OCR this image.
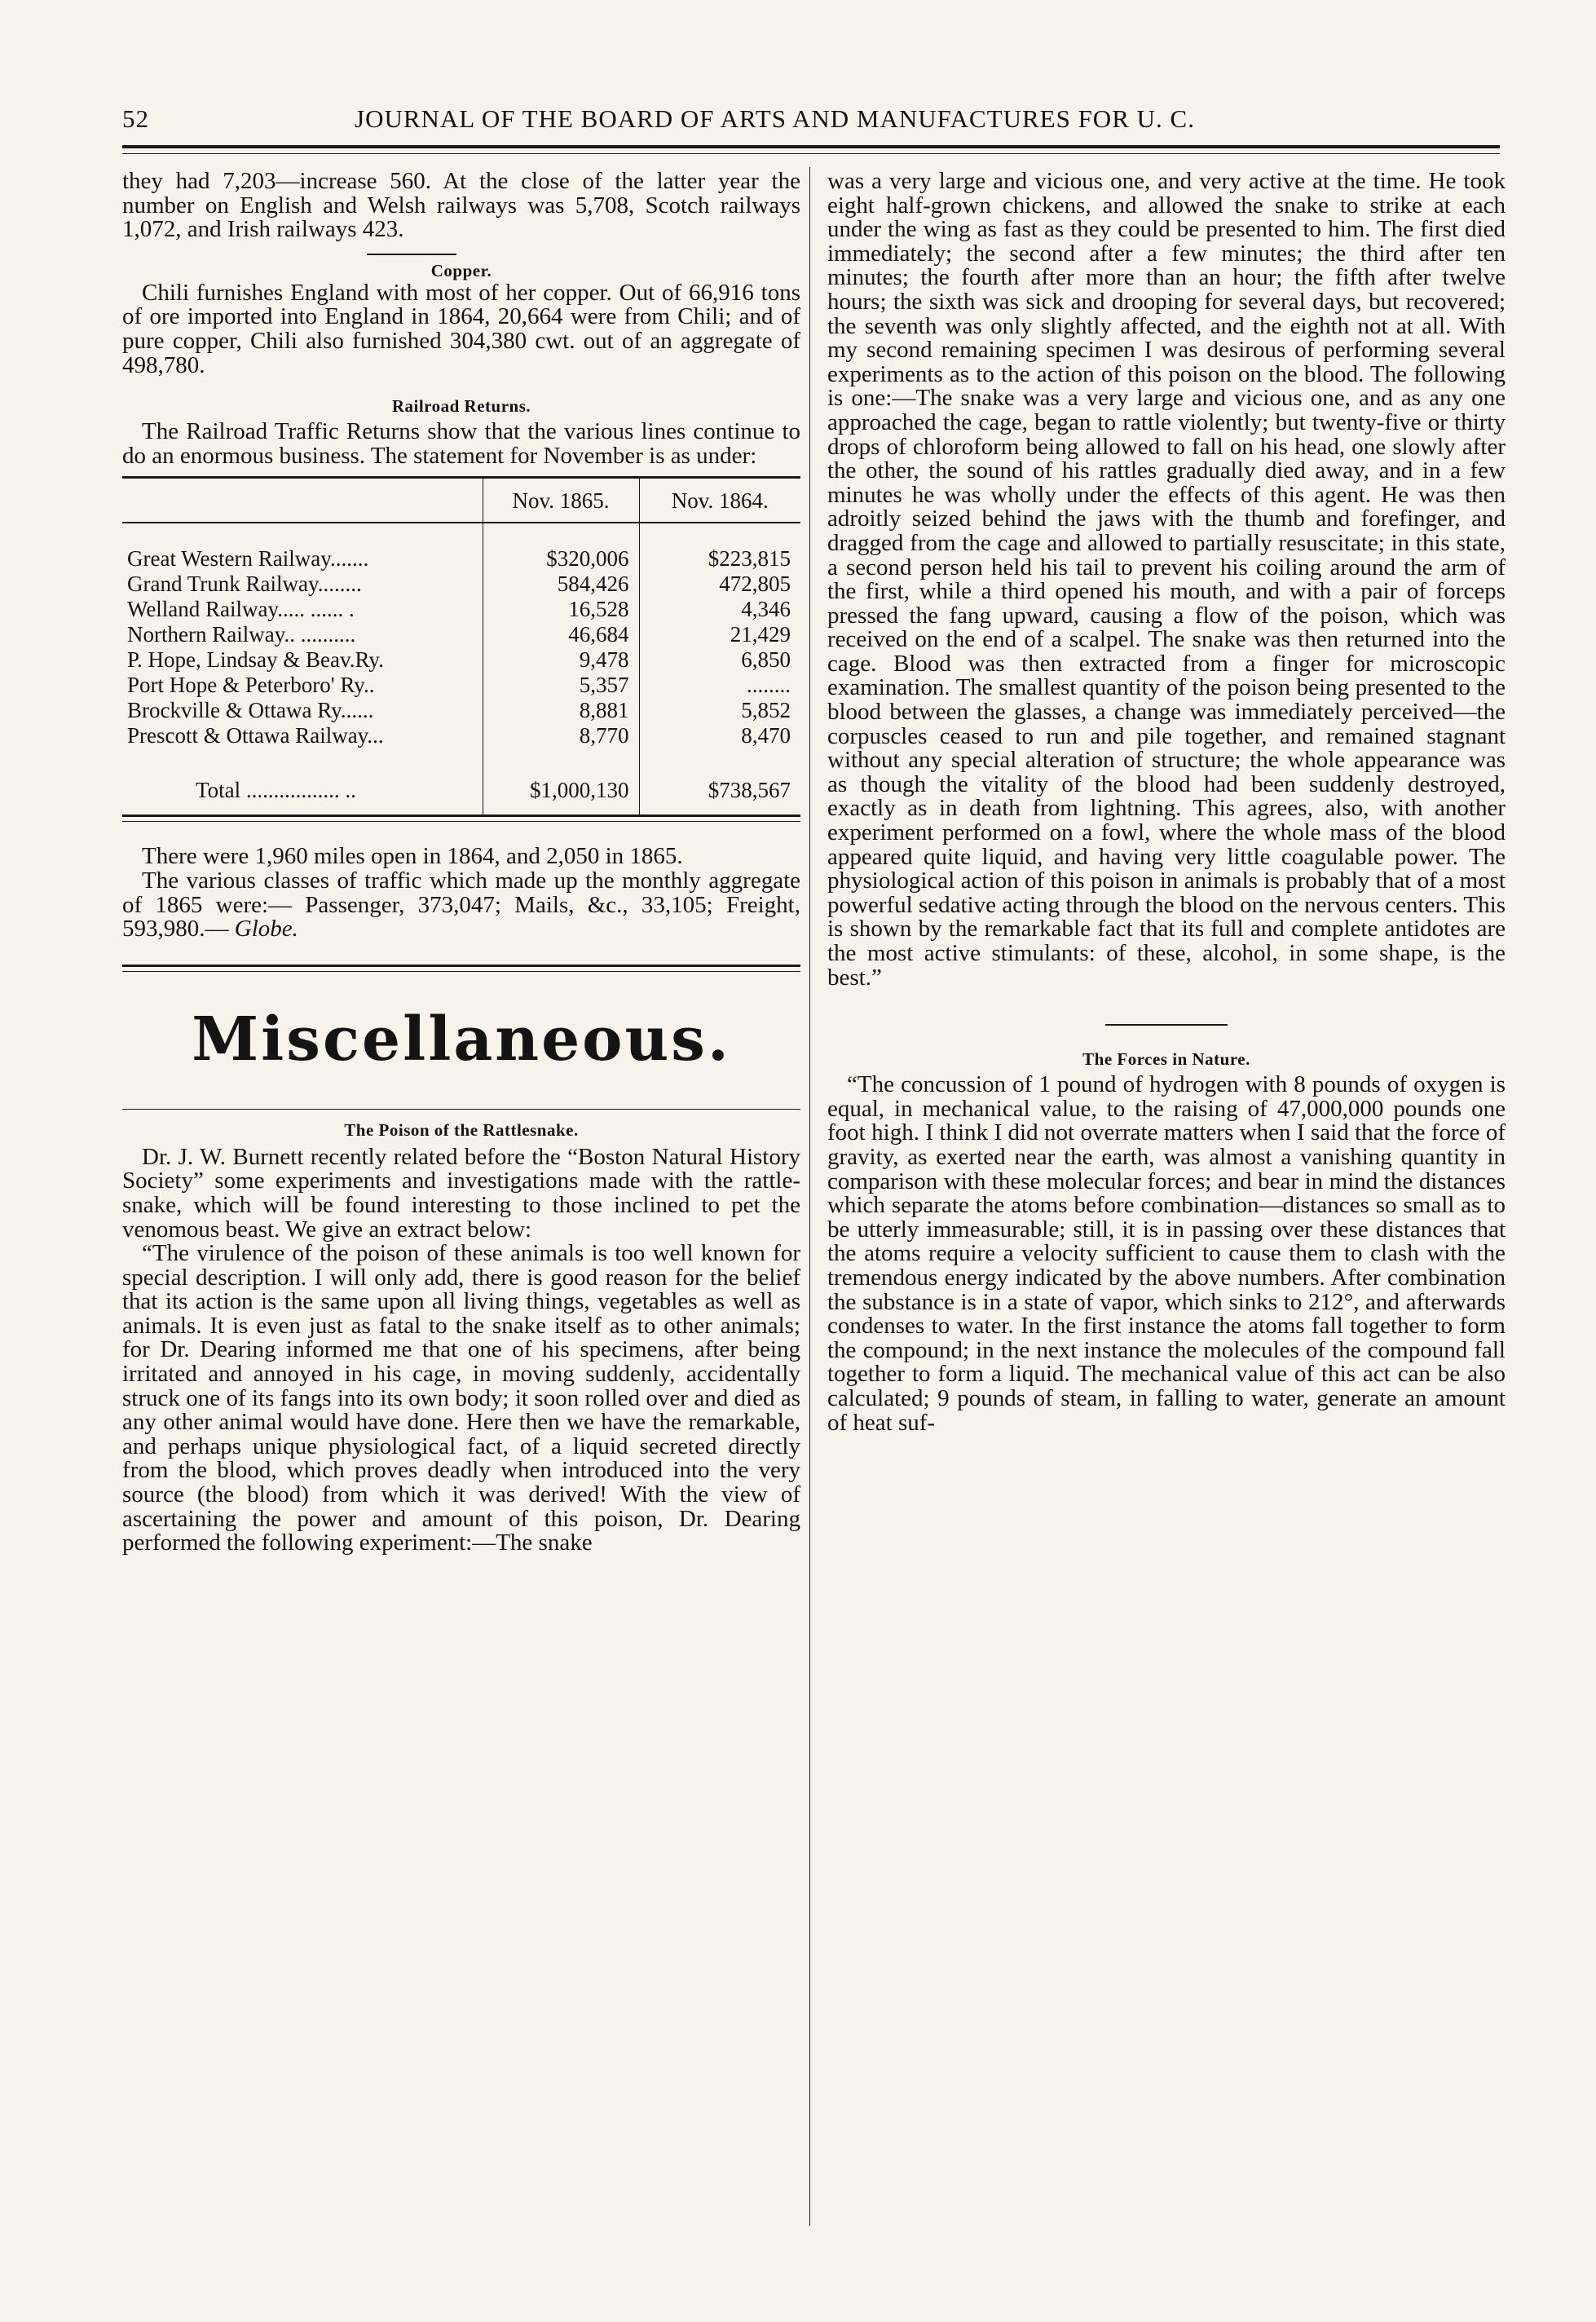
52	JOURNAL OF THE BOARD OF ARTS AND MANUFACTURES FOR U. C.

they had 7,203—increase 560. At the close of the latter year the number on English and Welsh railways was 5,708, Scotch railways 1,072, and Irish railways 423.

Copper.

Chili furnishes England with most of her copper. Out of 66,916 tons of ore imported into England in 1864, 20,664 were from Chili; and of pure copper, Chili also furnished 304,380 cwt. out of an aggregate of 498,780.

Railroad Returns.

The Railroad Traffic Returns show that the various lines continue to do an enormous business. The statement for November is as under:

	Nov. 1865.	Nov. 1864.

Great Western Railway.......	$320,006	$223,815
Grand Trunk Railway........	584,426	472,805
Welland Railway..... ...... .	16,528	4,346
Northern Railway.. ..........	46,684	21,429
P. Hope, Lindsay & Beav.Ry.	9,478	6,850
Port Hope & Peterboro' Ry..	5,357	........
Brockville & Ottawa Ry......	8,881	5,852
Prescott & Ottawa Railway...	8,770	8,470

Total ................. ..	$1,000,130	$738,567

There were 1,960 miles open in 1864, and 2,050 in 1865.

The various classes of traffic which made up the monthly aggregate of 1865 were:— Passenger, 373,047; Mails, &c., 33,105; Freight, 593,980.— Globe.

Miscellaneous.

The Poison of the Rattlesnake.

Dr. J. W. Burnett recently related before the “Boston Natural History Society” some experiments and investigations made with the rattle-snake, which will be found interesting to those inclined to pet the venomous beast. We give an extract below:

“The virulence of the poison of these animals is too well known for special description. I will only add, there is good reason for the belief that its action is the same upon all living things, vegetables as well as animals. It is even just as fatal to the snake itself as to other animals; for Dr. Dearing informed me that one of his specimens, after being irritated and annoyed in his cage, in moving suddenly, accidentally struck one of its fangs into its own body; it soon rolled over and died as any other animal would have done. Here then we have the remarkable, and perhaps unique physiological fact, of a liquid secreted directly from the blood, which proves deadly when introduced into the very source (the blood) from which it was derived! With the view of ascertaining the power and amount of this poison, Dr. Dearing performed the following experiment:—The snake

was a very large and vicious one, and very active at the time. He took eight half-grown chickens, and allowed the snake to strike at each under the wing as fast as they could be presented to him. The first died immediately; the second after a few minutes; the third after ten minutes; the fourth after more than an hour; the fifth after twelve hours; the sixth was sick and drooping for several days, but recovered; the seventh was only slightly affected, and the eighth not at all. With my second remaining specimen I was desirous of performing several experiments as to the action of this poison on the blood. The following is one:—The snake was a very large and vicious one, and as any one approached the cage, began to rattle violently; but twenty-five or thirty drops of chloroform being allowed to fall on his head, one slowly after the other, the sound of his rattles gradually died away, and in a few minutes he was wholly under the effects of this agent. He was then adroitly seized behind the jaws with the thumb and forefinger, and dragged from the cage and allowed to partially resuscitate; in this state, a second person held his tail to prevent his coiling around the arm of the first, while a third opened his mouth, and with a pair of forceps pressed the fang upward, causing a flow of the poison, which was received on the end of a scalpel. The snake was then returned into the cage. Blood was then extracted from a finger for microscopic examination. The smallest quantity of the poison being presented to the blood between the glasses, a change was immediately perceived—the corpuscles ceased to run and pile together, and remained stagnant without any special alteration of structure; the whole appearance was as though the vitality of the blood had been suddenly destroyed, exactly as in death from lightning. This agrees, also, with another experiment performed on a fowl, where the whole mass of the blood appeared quite liquid, and having very little coagulable power. The physiological action of this poison in animals is probably that of a most powerful sedative acting through the blood on the nervous centers. This is shown by the remarkable fact that its full and complete antidotes are the most active stimulants: of these, alcohol, in some shape, is the best.”

The Forces in Nature.

“The concussion of 1 pound of hydrogen with 8 pounds of oxygen is equal, in mechanical value, to the raising of 47,000,000 pounds one foot high. I think I did not overrate matters when I said that the force of gravity, as exerted near the earth, was almost a vanishing quantity in comparison with these molecular forces; and bear in mind the distances which separate the atoms before combination—distances so small as to be utterly immeasurable; still, it is in passing over these distances that the atoms require a velocity sufficient to cause them to clash with the tremendous energy indicated by the above numbers. After combination the substance is in a state of vapor, which sinks to 212°, and afterwards condenses to water. In the first instance the atoms fall together to form the compound; in the next instance the molecules of the compound fall together to form a liquid. The mechanical value of this act can be also calculated; 9 pounds of steam, in falling to water, generate an amount of heat suf-
